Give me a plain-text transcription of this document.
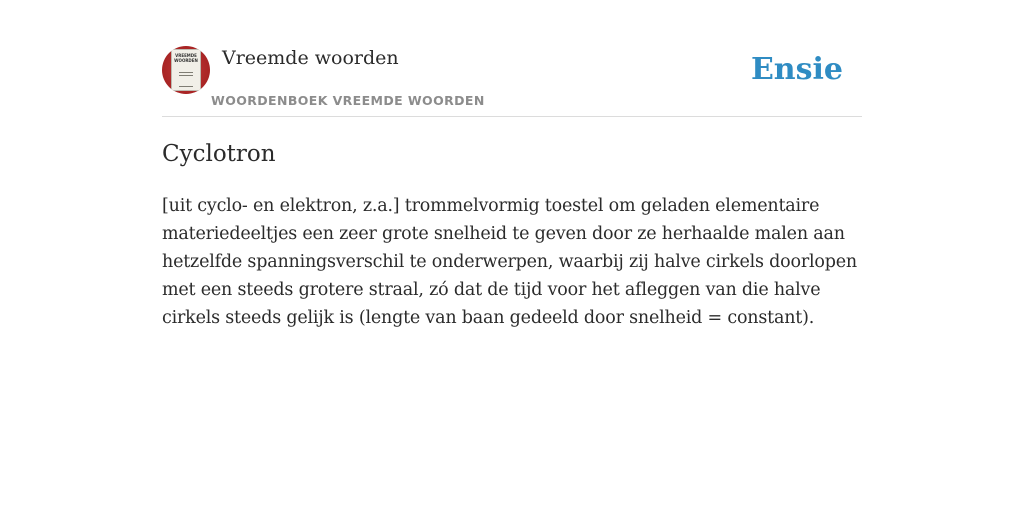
VREEMDE WOORDEN Vreemde woorden
WOORDENBOEK VREEMDE WOORDEN
Ensie
Cyclotron
[uit cyclo- en elektron, z.a.] trommelvormig toestel om geladen elementaire
materiedeeltjes een zeer grote snelheid te geven door ze herhaalde malen aan
hetzelfde spanningsverschil te onderwerpen, waarbij zij halve cirkels doorlopen
met een steeds grotere straal, zó dat de tijd voor het afleggen van die halve
cirkels steeds gelijk is (lengte van baan gedeeld door snelheid = constant).
